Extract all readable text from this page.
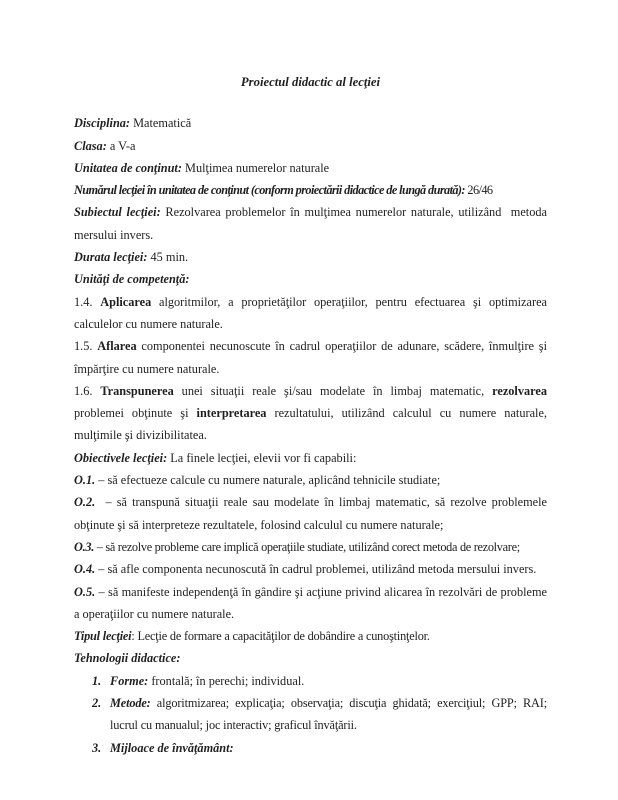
Proiectul didactic al lecţiei
Disciplina: Matematică
Clasa: a V-a
Unitatea de conţinut: Mulţimea numerelor naturale
Numărul lecţiei în unitatea de conţinut (conform proiectării didactice de lungă durată): 26/46
Subiectul lecţiei: Rezolvarea problemelor în mulţimea numerelor naturale, utilizând  metoda mersului invers.
Durata lecţiei: 45 min.
Unităţi de competenţă:
1.4. Aplicarea algoritmilor, a proprietăţilor operaţiilor, pentru efectuarea şi optimizarea calculelor cu numere naturale.
1.5. Aflarea componentei necunoscute în cadrul operaţiilor de adunare, scădere, înmulţire şi împărţire cu numere naturale.
1.6. Transpunerea unei situaţii reale şi/sau modelate în limbaj matematic, rezolvarea problemei obţinute şi interpretarea rezultatului, utilizând calculul cu numere naturale, mulţimile şi divizibilitatea.
Obiectivele lecţiei: La finele lecţiei, elevii vor fi capabili:
O.1. – să efectueze calcule cu numere naturale, aplicând tehnicile studiate;
O.2.  – să transpună situaţii reale sau modelate în limbaj matematic, să rezolve problemele obţinute şi să interpreteze rezultatele, folosind calculul cu numere naturale;
O.3. – să rezolve probleme care implică operaţiile studiate, utilizând corect metoda de rezolvare;
O.4. – să afle componenta necunoscută în cadrul problemei, utilizând metoda mersului invers.
O.5. – să manifeste independenţă în gândire şi acţiune privind alicarea în rezolvări de probleme a operaţiilor cu numere naturale.
Tipul lecţiei: Lecţie de formare a capacităţilor de dobândire a cunoştinţelor.
Tehnologii didactice:
1. Forme: frontală; în perechi; individual.
2. Metode: algoritmizarea; explicaţia; observaţia; discuţia ghidată; exerciţiul; GPP; RAI; lucrul cu manualul; joc interactiv; graficul învăţării.
3. Mijloace de învăţământ:
